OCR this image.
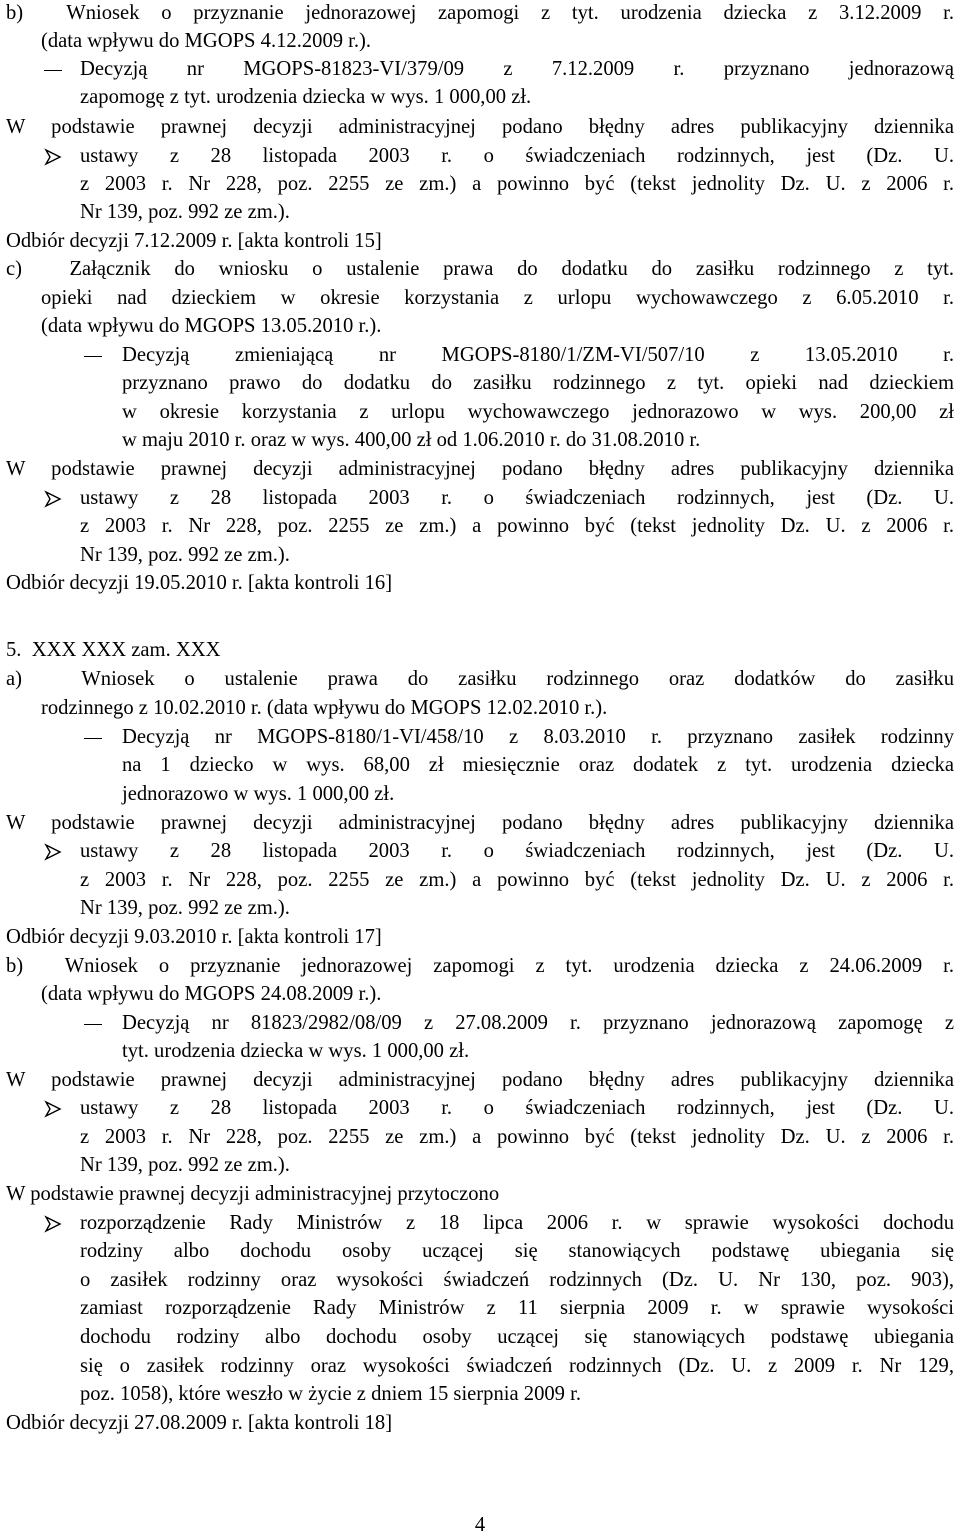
b)  Wniosek o przyznanie jednorazowej zapomogi z tyt. urodzenia dziecka z 3.12.2009 r.
(data wpływu do MGOPS 4.12.2009 r.).
Decyzją  nr  MGOPS-81823-VI/379/09  z  7.12.2009  r.  przyznano  jednorazową
zapomogę z tyt. urodzenia dziecka w wys. 1 000,00 zł.
W podstawie prawnej decyzji administracyjnej podano błędny adres publikacyjny dziennika
ustawy  z  28  listopada  2003  r.  o  świadczeniach  rodzinnych,  jest  (Dz.  U.
z 2003 r. Nr 228, poz. 2255 ze zm.) a powinno być (tekst jednolity Dz. U. z 2006 r.
Nr 139, poz. 992 ze zm.).
Odbiór decyzji 7.12.2009 r. [akta kontroli 15]
c)  Załącznik do wniosku o ustalenie prawa do dodatku do zasiłku rodzinnego z tyt.
opieki nad dzieckiem w okresie korzystania z urlopu wychowawczego z 6.05.2010 r.
(data wpływu do MGOPS 13.05.2010 r.).
Decyzją  zmieniającą  nr  MGOPS-8180/1/ZM-VI/507/10  z  13.05.2010  r.
przyznano prawo do dodatku do zasiłku rodzinnego z tyt. opieki nad dzieckiem
w okresie korzystania z urlopu wychowawczego jednorazowo w wys. 200,00 zł
w maju 2010 r. oraz w wys. 400,00 zł od 1.06.2010 r. do 31.08.2010 r.
W podstawie prawnej decyzji administracyjnej podano błędny adres publikacyjny dziennika
ustawy  z  28  listopada  2003  r.  o  świadczeniach  rodzinnych,  jest  (Dz.  U.
z 2003 r. Nr 228, poz. 2255 ze zm.) a powinno być (tekst jednolity Dz. U. z 2006 r.
Nr 139, poz. 992 ze zm.).
Odbiór decyzji 19.05.2010 r. [akta kontroli 16]
5.  XXX XXX zam. XXX
a)  Wniosek o ustalenie prawa do zasiłku rodzinnego oraz dodatków do zasiłku
rodzinnego z 10.02.2010 r. (data wpływu do MGOPS 12.02.2010 r.).
Decyzją nr MGOPS-8180/1-VI/458/10 z 8.03.2010 r. przyznano zasiłek rodzinny
na 1 dziecko w wys. 68,00 zł miesięcznie oraz dodatek z tyt. urodzenia dziecka
jednorazowo w wys. 1 000,00 zł.
W podstawie prawnej decyzji administracyjnej podano błędny adres publikacyjny dziennika
ustawy  z  28  listopada  2003  r.  o  świadczeniach  rodzinnych,  jest  (Dz.  U.
z 2003 r. Nr 228, poz. 2255 ze zm.) a powinno być (tekst jednolity Dz. U. z 2006 r.
Nr 139, poz. 992 ze zm.).
Odbiór decyzji 9.03.2010 r. [akta kontroli 17]
b)  Wniosek o przyznanie jednorazowej zapomogi z tyt. urodzenia dziecka z 24.06.2009 r.
(data wpływu do MGOPS 24.08.2009 r.).
Decyzją nr 81823/2982/08/09 z 27.08.2009 r. przyznano jednorazową zapomogę z
tyt. urodzenia dziecka w wys. 1 000,00 zł.
W podstawie prawnej decyzji administracyjnej podano błędny adres publikacyjny dziennika
ustawy  z  28  listopada  2003  r.  o  świadczeniach  rodzinnych,  jest  (Dz.  U.
z 2003 r. Nr 228, poz. 2255 ze zm.) a powinno być (tekst jednolity Dz. U. z 2006 r.
Nr 139, poz. 992 ze zm.).
W podstawie prawnej decyzji administracyjnej przytoczono
rozporządzenie Rady Ministrów z 18 lipca 2006 r. w sprawie wysokości dochodu
rodziny albo dochodu osoby uczącej się stanowiących podstawę ubiegania się
o zasiłek rodzinny oraz wysokości świadczeń rodzinnych (Dz. U. Nr 130, poz. 903),
zamiast rozporządzenie Rady Ministrów z 11 sierpnia 2009 r. w sprawie wysokości
dochodu rodziny albo dochodu osoby uczącej się stanowiących podstawę ubiegania
się o zasiłek rodzinny oraz wysokości świadczeń rodzinnych (Dz. U. z 2009 r. Nr 129,
poz. 1058), które weszło w życie z dniem 15 sierpnia 2009 r.
Odbiór decyzji 27.08.2009 r. [akta kontroli 18]
4
